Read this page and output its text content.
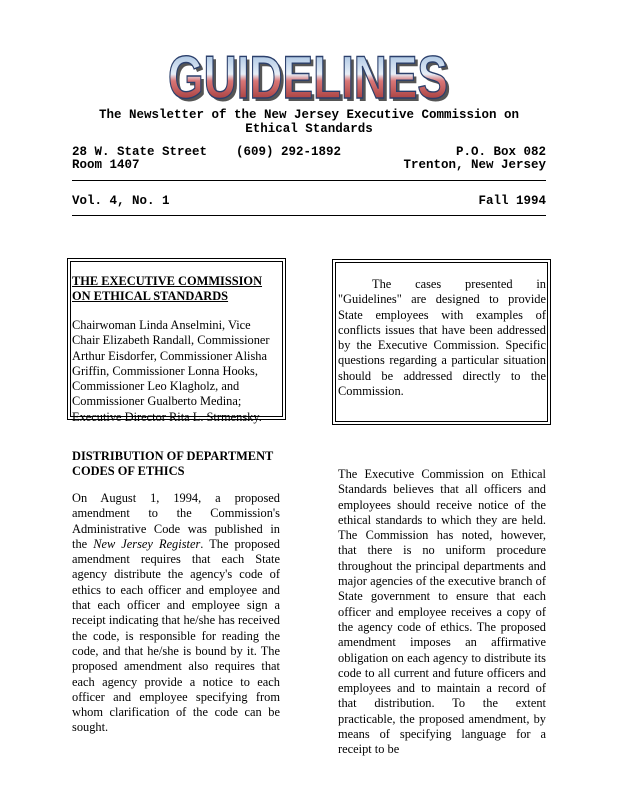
GUIDELINES
GUIDELINES
The Newsletter of the New Jersey Executive Commission on Ethical Standards
28 W. State Street (609) 292-1892	P.O. Box 082
Room 1407	Trenton, New Jersey
Vol. 4, No. 1	Fall 1994

THE EXECUTIVE COMMISSION ON ETHICAL STANDARDS

Chairwoman Linda Anselmini, Vice Chair Elizabeth Randall, Commissioner Arthur Eisdorfer, Commissioner Alisha Griffin, Commissioner Lonna Hooks, Commissioner Leo Klagholz, and Commissioner Gualberto Medina; Executive Director Rita L. Strmensky.

The cases presented in "Guidelines" are designed to provide State employees with examples of conflicts issues that have been addressed by the Executive Commission. Specific questions regarding a particular situation should be addressed directly to the Commission.

DISTRIBUTION OF DEPARTMENT CODES OF ETHICS

On August 1, 1994, a proposed amendment to the Commission's Administrative Code was published in the New Jersey Register. The proposed amendment requires that each State agency distribute the agency's code of ethics to each officer and employee and that each officer and employee sign a receipt indicating that he/she has received the code, is responsible for reading the code, and that he/she is bound by it. The proposed amendment also requires that each agency provide a notice to each officer and employee specifying from whom clarification of the code can be sought.

The Executive Commission on Ethical Standards believes that all officers and employees should receive notice of the ethical standards to which they are held. The Commission has noted, however, that there is no uniform procedure throughout the principal departments and major agencies of the executive branch of State government to ensure that each officer and employee receives a copy of the agency code of ethics. The proposed amendment imposes an affirmative obligation on each agency to distribute its code to all current and future officers and employees and to maintain a record of that distribution. To the extent practicable, the proposed amendment, by means of specifying language for a receipt to be
